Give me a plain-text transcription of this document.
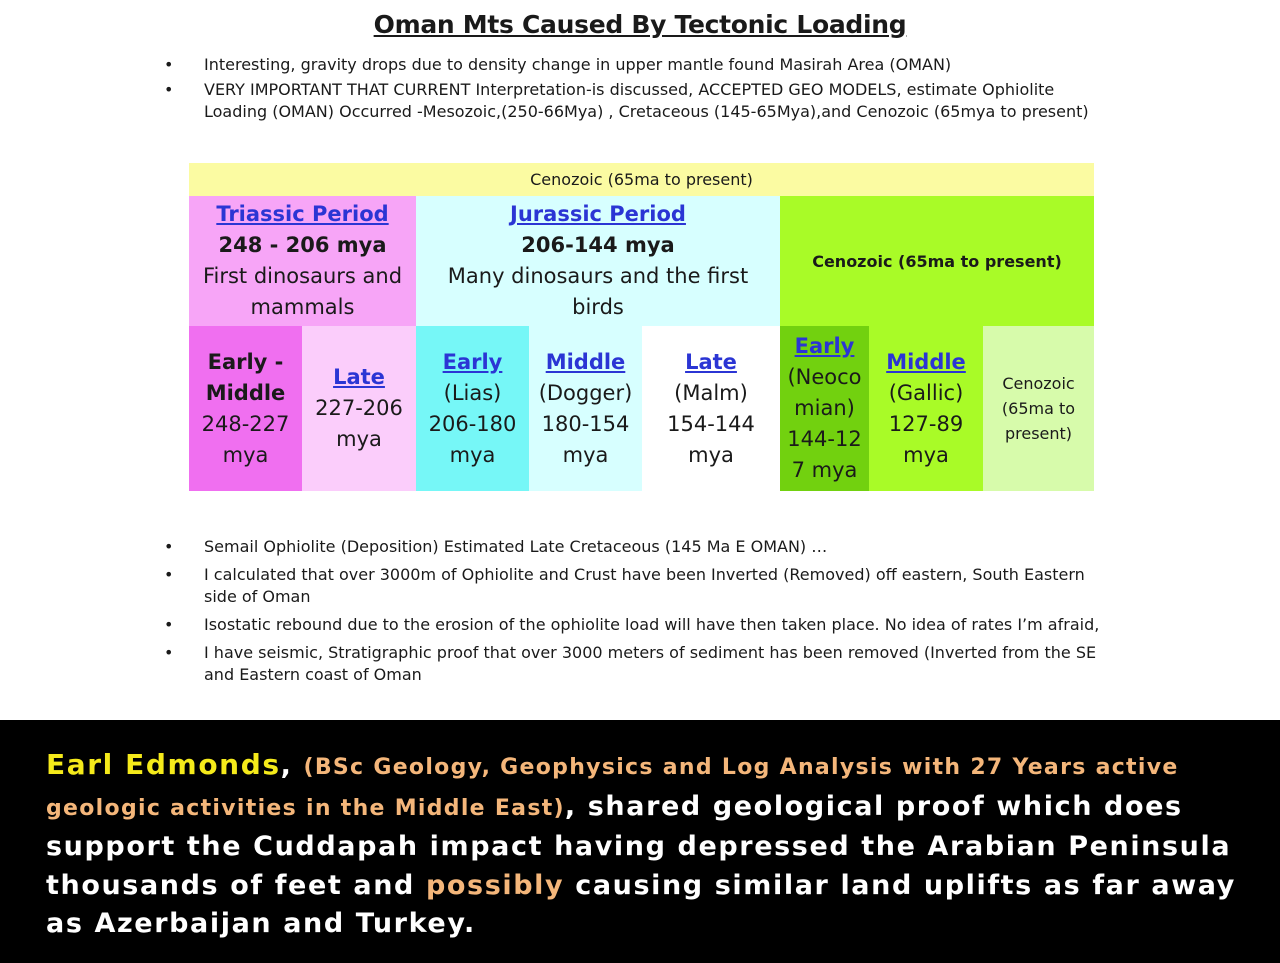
Oman Mts Caused By Tectonic Loading
• Interesting, gravity drops due to density change in upper mantle found Masirah Area (OMAN)
• VERY IMPORTANT THAT CURRENT Interpretation-is discussed, ACCEPTED GEO MODELS, estimate Ophiolite Loading (OMAN) Occurred -Mesozoic,(250-66Mya) , Cretaceous (145-65Mya),and Cenozoic (65mya to present)
Cenozoic (65ma to present)
Triassic Period
248 - 206 mya
First dinosaurs and mammals
Jurassic Period
206-144 mya
Many dinosaurs and the first birds
Cenozoic (65ma to present)
Early - Middle
248-227 mya
Late
227-206 mya
Early
(Lias)
206-180 mya
Middle
(Dogger)
180-154 mya
Late
(Malm)
154-144 mya
Early
(Neoco mian)
144-12 7 mya
Middle
(Gallic)
127-89 mya
Cenozoic (65ma to present)
• Semail Ophiolite (Deposition) Estimated Late Cretaceous (145 Ma E OMAN) …
• I calculated that over 3000m of Ophiolite and Crust have been Inverted (Removed) off eastern, South Eastern side of Oman
• Isostatic rebound due to the erosion of the ophiolite load will have then taken place. No idea of rates I’m afraid,
• I have seismic, Stratigraphic proof that over 3000 meters of sediment has been removed (Inverted from the SE and Eastern coast of Oman

Earl Edmonds, (BSc Geology, Geophysics and Log Analysis with 27 Years active geologic activities in the Middle East), shared geological proof which does support the Cuddapah impact having depressed the Arabian Peninsula thousands of feet and possibly causing similar land uplifts as far away as Azerbaijan and Turkey.
